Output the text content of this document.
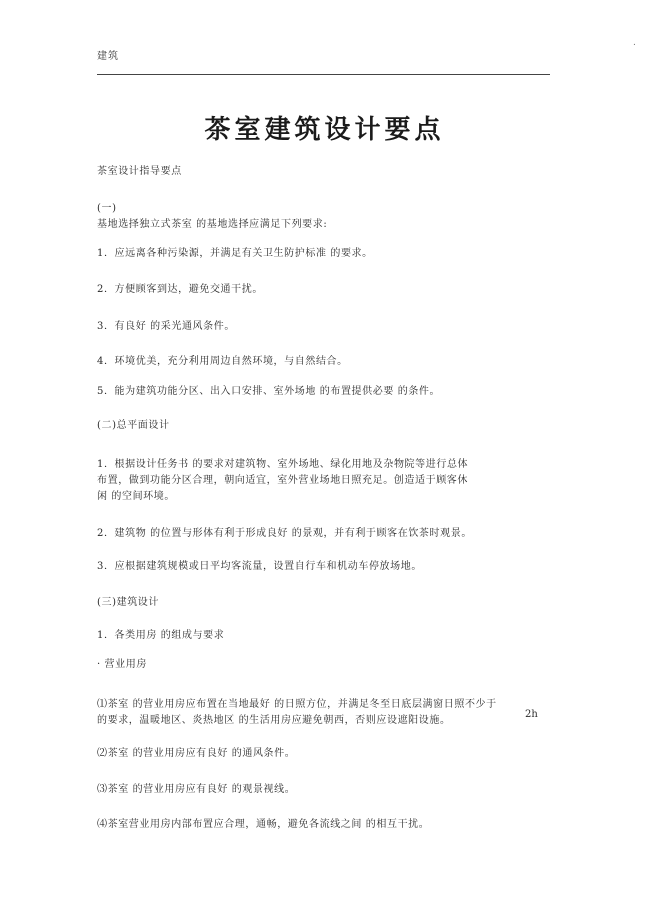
建筑
.
茶室建筑设计要点

茶室设计指导要点

(一)

基地选择独立式茶室 的基地选择应满足下列要求:

1．应远离各种污染源，并满足有关卫生防护标准 的要求。

2．方便顾客到达，避免交通干扰。

3．有良好 的采光通风条件。

4．环境优美，充分利用周边自然环境，与自然结合。

5．能为建筑功能分区、出入口安排、室外场地 的布置提供必要 的条件。

(二)总平面设计

1．根据设计任务书 的要求对建筑物、室外场地、绿化用地及杂物院等进行总体

布置，做到功能分区合理，朝向适宜，室外营业场地日照充足。创造适于顾客休

闲 的空间环境。

2．建筑物 的位置与形体有利于形成良好 的景观，并有利于顾客在饮茶时观景。

3．应根据建筑规模或日平均客流量，设置自行车和机动车停放场地。

(三)建筑设计

1．各类用房 的组成与要求

· 营业用房

⑴茶室 的营业用房应布置在当地最好 的日照方位，并满足冬至日底层满窗日照不少于

2h

的要求，温暖地区、炎热地区 的生活用房应避免朝西，否则应设遮阳设施。

⑵茶室 的营业用房应有良好 的通风条件。

⑶茶室 的营业用房应有良好 的观景视线。

⑷茶室营业用房内部布置应合理，通畅，避免各流线之间 的相互干扰。
